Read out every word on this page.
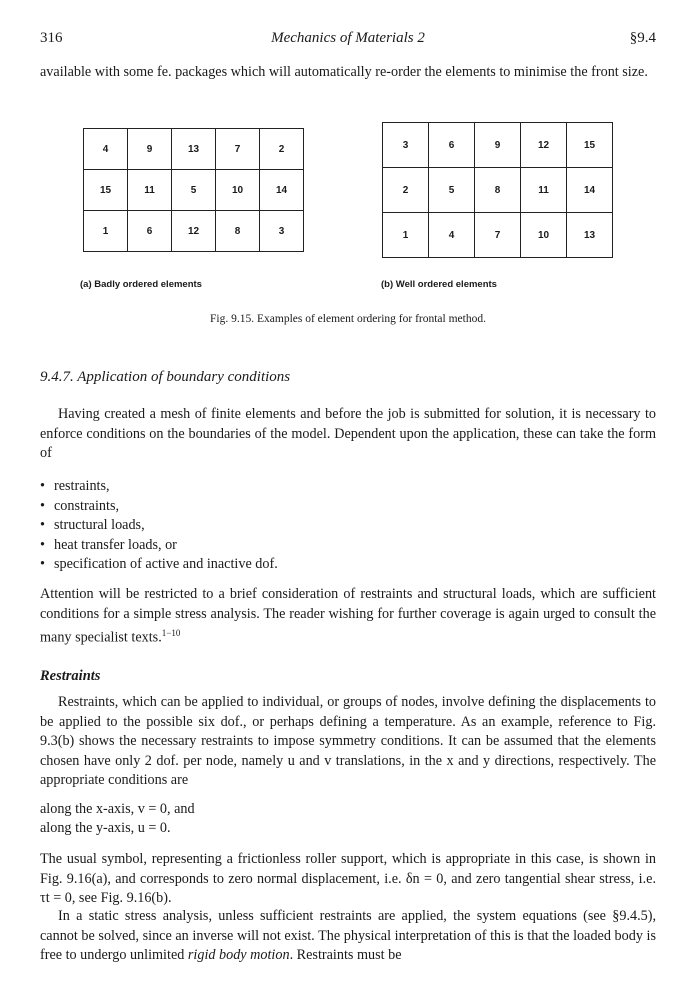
316	Mechanics of Materials 2	§9.4
available with some fe. packages which will automatically re-order the elements to minimise the front size.
4	9	13	7	2
15	11	5	10	14
1	6	12	8	3
3	6	9	12	15
2	5	8	11	14
1	4	7	10	13
(a) Badly ordered elements	(b) Well ordered elements
Fig. 9.15. Examples of element ordering for frontal method.
9.4.7. Application of boundary conditions
Having created a mesh of finite elements and before the job is submitted for solution, it is necessary to enforce conditions on the boundaries of the model. Dependent upon the application, these can take the form of
• restraints,
• constraints,
• structural loads,
• heat transfer loads, or
• specification of active and inactive dof.
Attention will be restricted to a brief consideration of restraints and structural loads, which are sufficient conditions for a simple stress analysis. The reader wishing for further coverage is again urged to consult the many specialist texts.$^{1-10}$
Restraints
Restraints, which can be applied to individual, or groups of nodes, involve defining the displacements to be applied to the possible six dof., or perhaps defining a temperature. As an example, reference to Fig. 9.3(b) shows the necessary restraints to impose symmetry conditions. It can be assumed that the elements chosen have only 2 dof. per node, namely u and v translations, in the x and y directions, respectively. The appropriate conditions are
along the x-axis, v = 0, and
along the y-axis, u = 0.
The usual symbol, representing a frictionless roller support, which is appropriate in this case, is shown in Fig. 9.16(a), and corresponds to zero normal displacement, i.e. δn = 0, and zero tangential shear stress, i.e. τt = 0, see Fig. 9.16(b).
In a static stress analysis, unless sufficient restraints are applied, the system equations (see §9.4.5), cannot be solved, since an inverse will not exist. The physical interpretation of this is that the loaded body is free to undergo unlimited rigid body motion. Restraints must be
